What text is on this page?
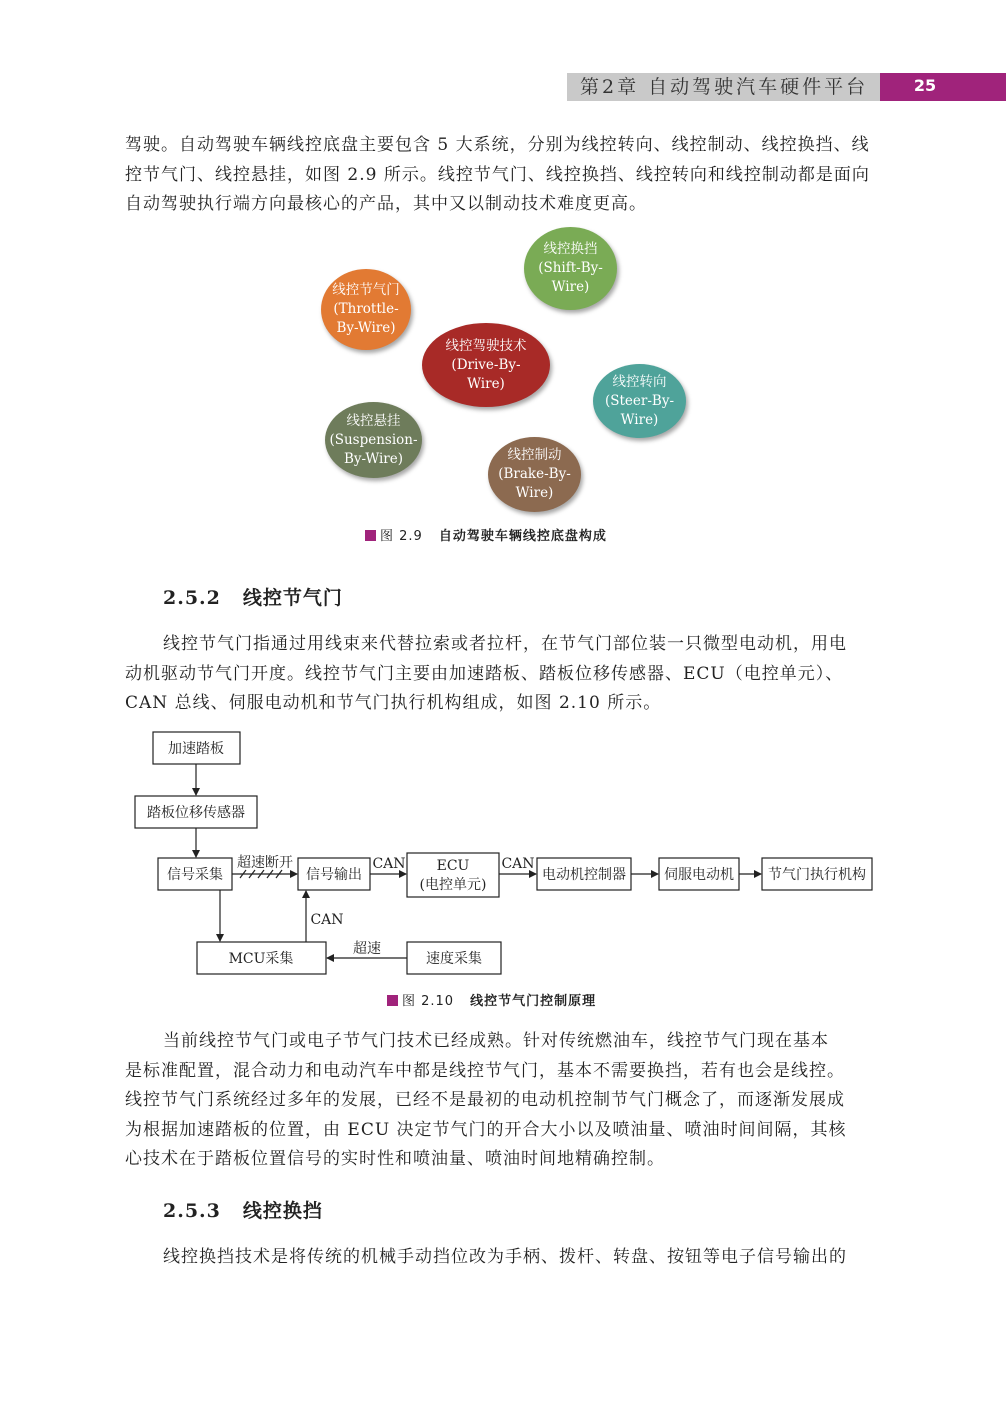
第2章 自动驾驶汽车硬件平台	25
驾驶。自动驾驶车辆线控底盘主要包含 5 大系统，分别为线控转向、线控制动、线控换挡、线
控节气门、线控悬挂，如图 2.9 所示。线控节气门、线控换挡、线控转向和线控制动都是面向
自动驾驶执行端方向最核心的产品，其中又以制动技术难度更高。
线控换挡
(Shift-By-
Wire)
线控节气门
(Throttle-
By-Wire)
线控驾驶技术
(Drive-By-
Wire)	线控转向
(Steer-By-
Wire)
线控悬挂
(Suspension-
By-Wire)	线控制动
(Brake-By-
Wire)
图 2.9 自动驾驶车辆线控底盘构成
2.5.2 线控节气门
线控节气门指通过用线束来代替拉索或者拉杆，在节气门部位装一只微型电动机，用电
动机驱动节气门开度。线控节气门主要由加速踏板、踏板位移传感器、ECU（电控单元）、
CAN 总线、伺服电动机和节气门执行机构组成，如图 2.10 所示。
加速踏板
踏板位移传感器
信号采集	信号输出
ECU
(电控单元)
电动机控制器	伺服电动机 节气门执行机构
MCU采集	速度采集
超速断开	CAN	CAN
CAN
超速
图 2.10 线控节气门控制原理
当前线控节气门或电子节气门技术已经成熟。针对传统燃油车，线控节气门现在基本
是标准配置，混合动力和电动汽车中都是线控节气门，基本不需要换挡，若有也会是线控。
线控节气门系统经过多年的发展，已经不是最初的电动机控制节气门概念了，而逐渐发展成
为根据加速踏板的位置，由 ECU 决定节气门的开合大小以及喷油量、喷油时间间隔，其核
心技术在于踏板位置信号的实时性和喷油量、喷油时间地精确控制。
2.5.3 线控换挡
线控换挡技术是将传统的机械手动挡位改为手柄、拨杆、转盘、按钮等电子信号输出的
